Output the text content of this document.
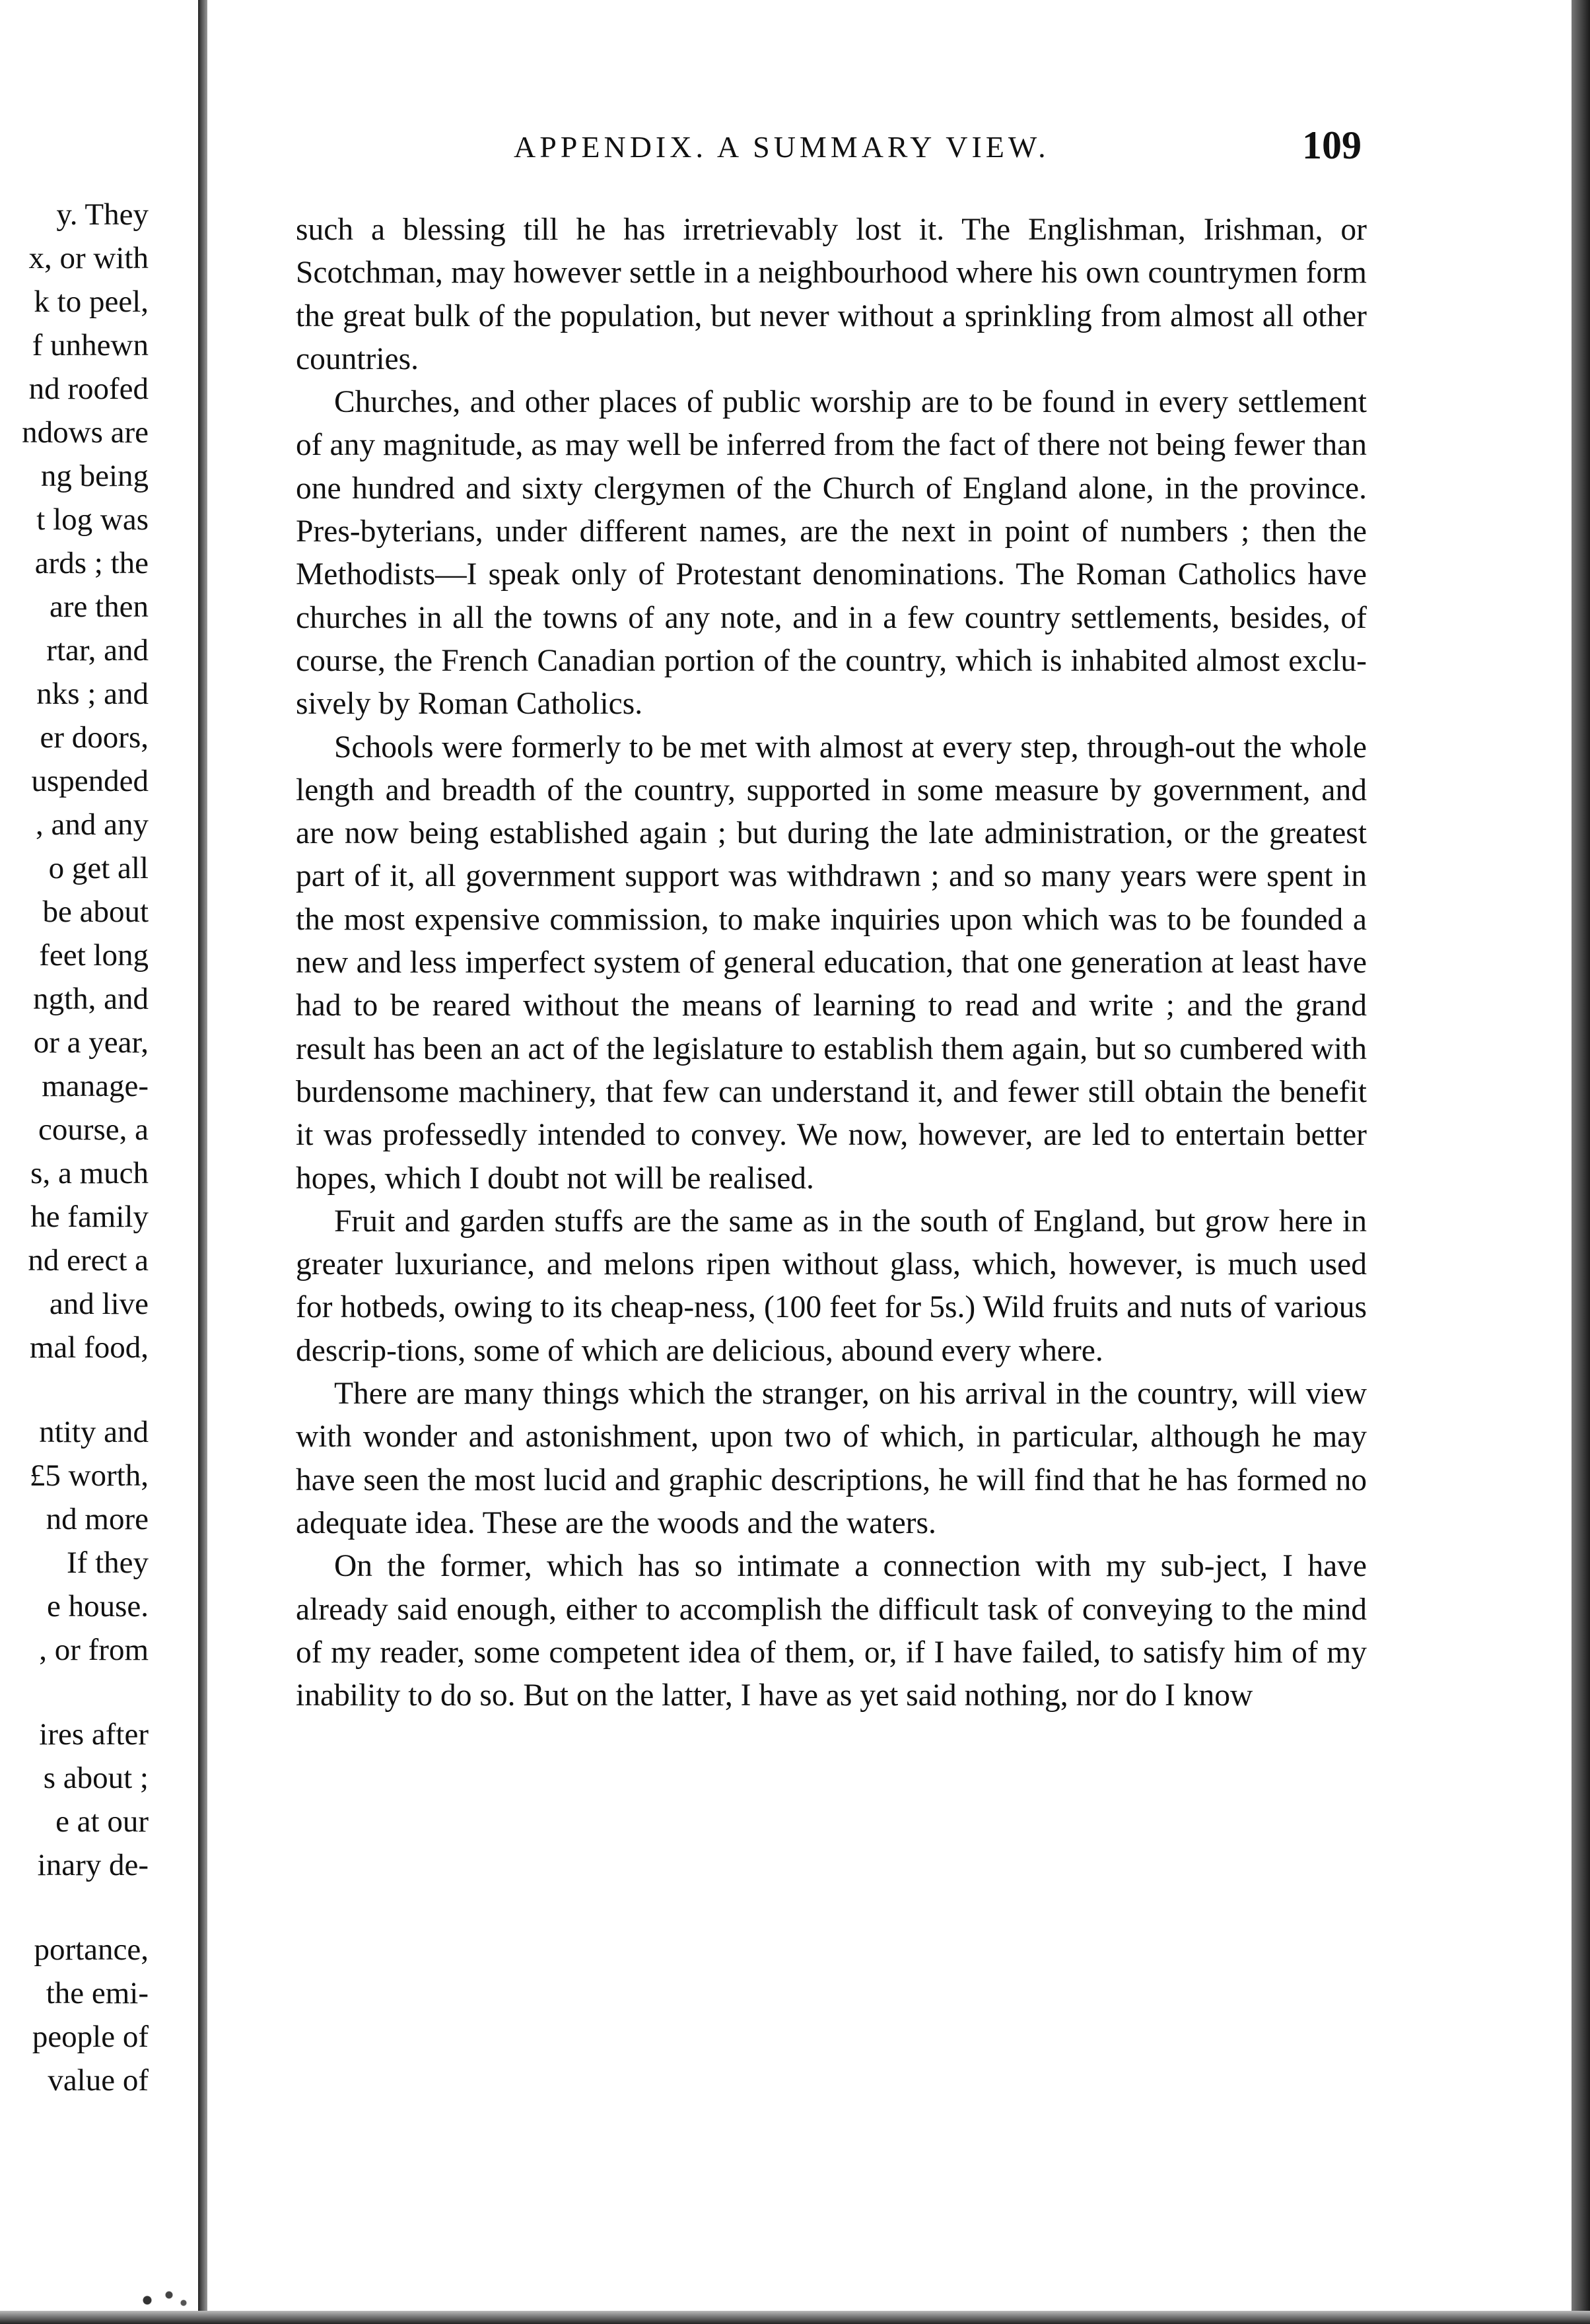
y. They
x, or with
k to peel,
f unhewn
nd roofed
ndows are
ng being
t log was
ards ; the
are then
rtar, and
nks ; and
er doors,
uspended
, and any
o get all
be about
feet long
ngth, and
or a year,
manage-
course, a
s, a much
he family
nd erect a
and live
mal food,
ntity and
£5 worth,
nd more
If they
e house.
, or from
ires after
s about ;
e at our
inary de-
portance,
the emi-
people of
value of
APPENDIX. A SUMMARY VIEW.	109

such a blessing till he has irretrievably lost it. The Englishman, Irishman, or Scotchman, may however settle in a neighbourhood where his own countrymen form the great bulk of the population, but never without a sprinkling from almost all other countries.

Churches, and other places of public worship are to be found in every settlement of any magnitude, as may well be inferred from the fact of there not being fewer than one hundred and sixty clergymen of the Church of England alone, in the province. Pres-byterians, under different names, are the next in point of numbers ; then the Methodists—I speak only of Protestant denominations. The Roman Catholics have churches in all the towns of any note, and in a few country settlements, besides, of course, the French Canadian portion of the country, which is inhabited almost exclu-sively by Roman Catholics.

Schools were formerly to be met with almost at every step, through-out the whole length and breadth of the country, supported in some measure by government, and are now being established again ; but during the late administration, or the greatest part of it, all government support was withdrawn ; and so many years were spent in the most expensive commission, to make inquiries upon which was to be founded a new and less imperfect system of general education, that one generation at least have had to be reared without the means of learning to read and write ; and the grand result has been an act of the legislature to establish them again, but so cumbered with burdensome machinery, that few can understand it, and fewer still obtain the benefit it was professedly intended to convey. We now, however, are led to entertain better hopes, which I doubt not will be realised.

Fruit and garden stuffs are the same as in the south of England, but grow here in greater luxuriance, and melons ripen without glass, which, however, is much used for hotbeds, owing to its cheap-ness, (100 feet for 5s.) Wild fruits and nuts of various descrip-tions, some of which are delicious, abound every where.

There are many things which the stranger, on his arrival in the country, will view with wonder and astonishment, upon two of which, in particular, although he may have seen the most lucid and graphic descriptions, he will find that he has formed no adequate idea. These are the woods and the waters.

On the former, which has so intimate a connection with my sub-ject, I have already said enough, either to accomplish the difficult task of conveying to the mind of my reader, some competent idea of them, or, if I have failed, to satisfy him of my inability to do so. But on the latter, I have as yet said nothing, nor do I know
